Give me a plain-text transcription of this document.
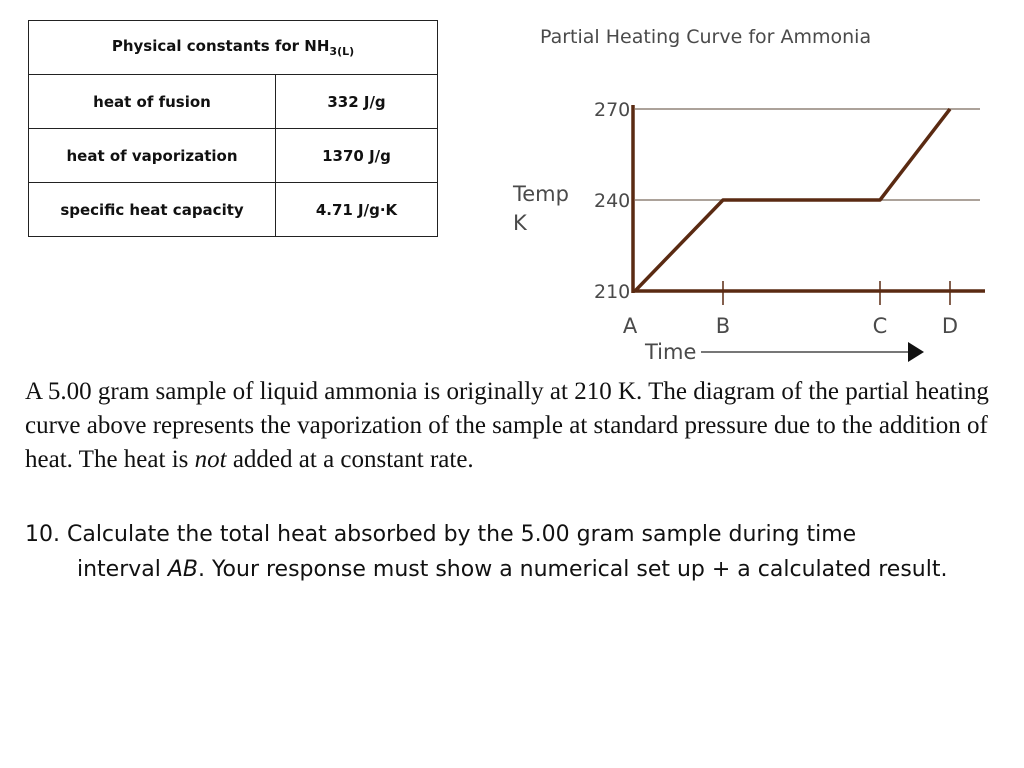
Physical constants for $NH_{3(L)}$
heat of fusion	332 J/g
heat of vaporization	1370 J/g
specific heat capacity	4.71 J/g·K
Partial Heating Curve for Ammonia
Temp
K
270
240
210
A	B	C	D
Time

A 5.00 gram sample of liquid ammonia is originally at 210 K. The diagram of the partial heating curve above represents the vaporization of the sample at standard pressure due to the addition of heat. The heat is not added at a constant rate.

10. Calculate the total heat absorbed by the 5.00 gram sample during time
interval AB. Your response must show a numerical set up + a calculated result.
